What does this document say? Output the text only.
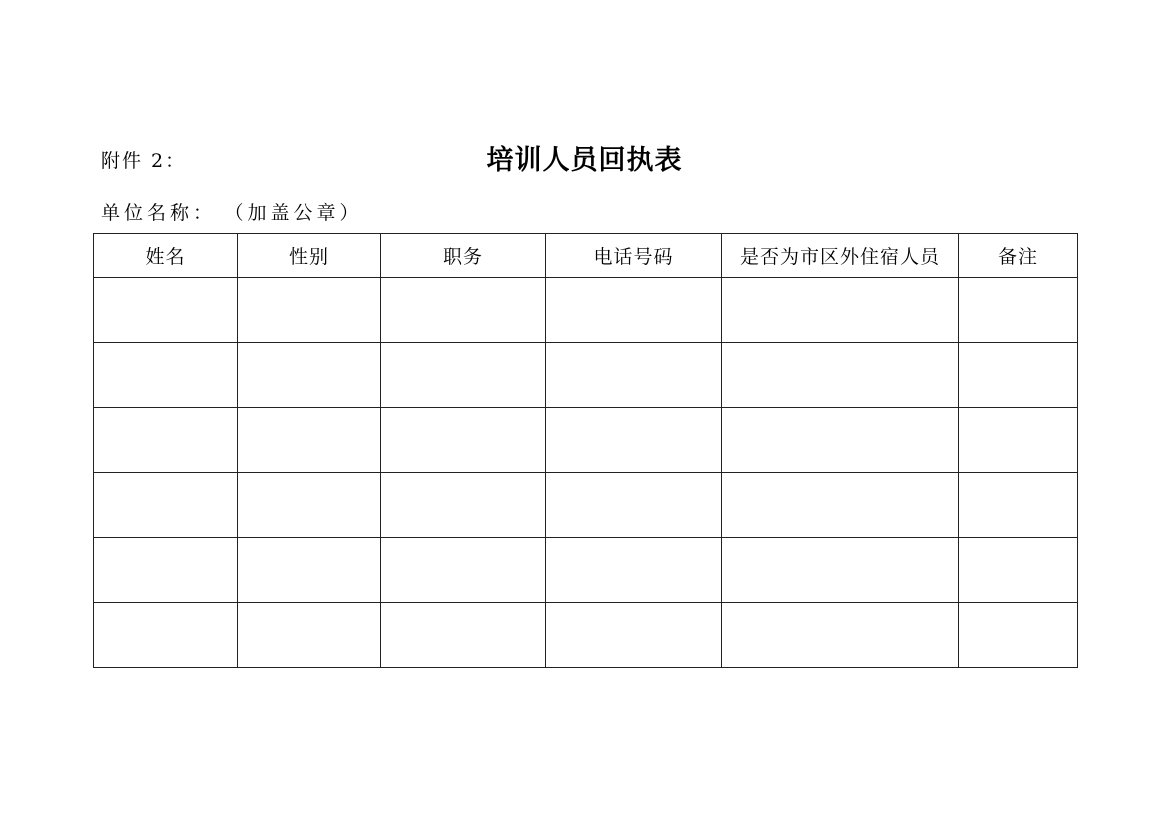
附件 2：	培训人员回执表
单位名称： （加盖公章）
姓名	性别	职务	电话号码	是否为市区外住宿人员	备注
